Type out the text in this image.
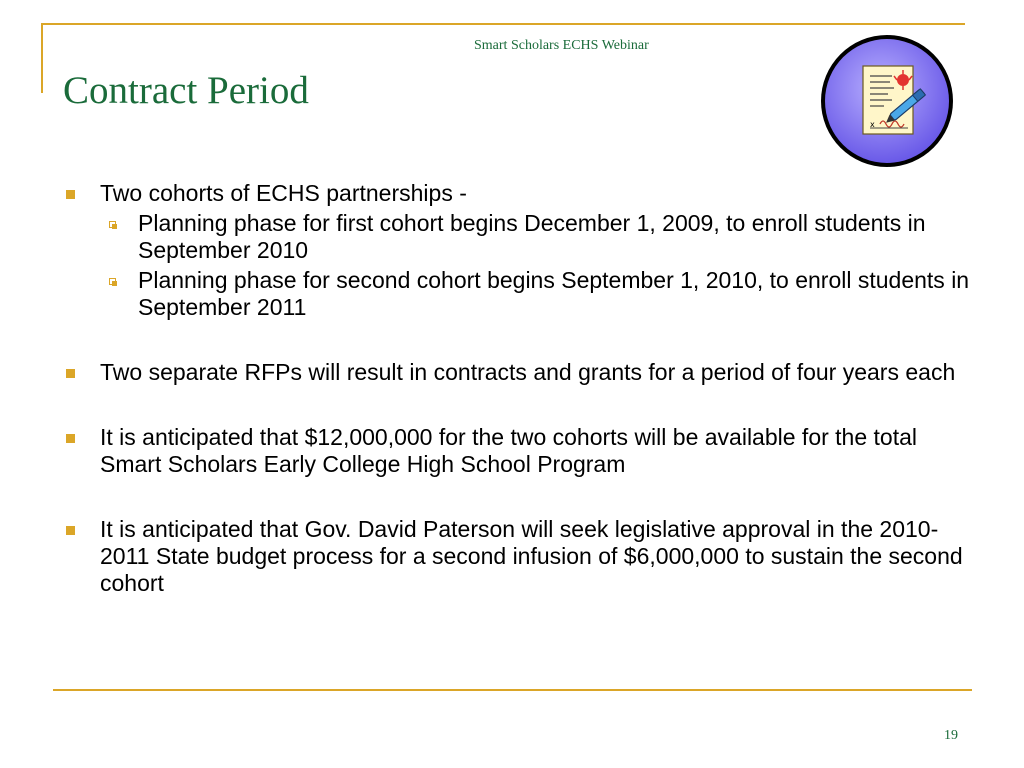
Smart Scholars ECHS Webinar
Contract Period
x
Two cohorts of ECHS partnerships -
Planning phase for first cohort begins December 1, 2009, to enroll students in September 2010
Planning phase for second cohort begins September 1, 2010, to enroll students in September 2011
Two separate RFPs will result in contracts and grants for a period of four years each
It is anticipated that $12,000,000 for the two cohorts will be available for the total Smart Scholars Early College High School Program
It is anticipated that Gov. David Paterson will seek legislative approval in the 2010-2011 State budget process for a second infusion of $6,000,000 to sustain the second cohort
19
